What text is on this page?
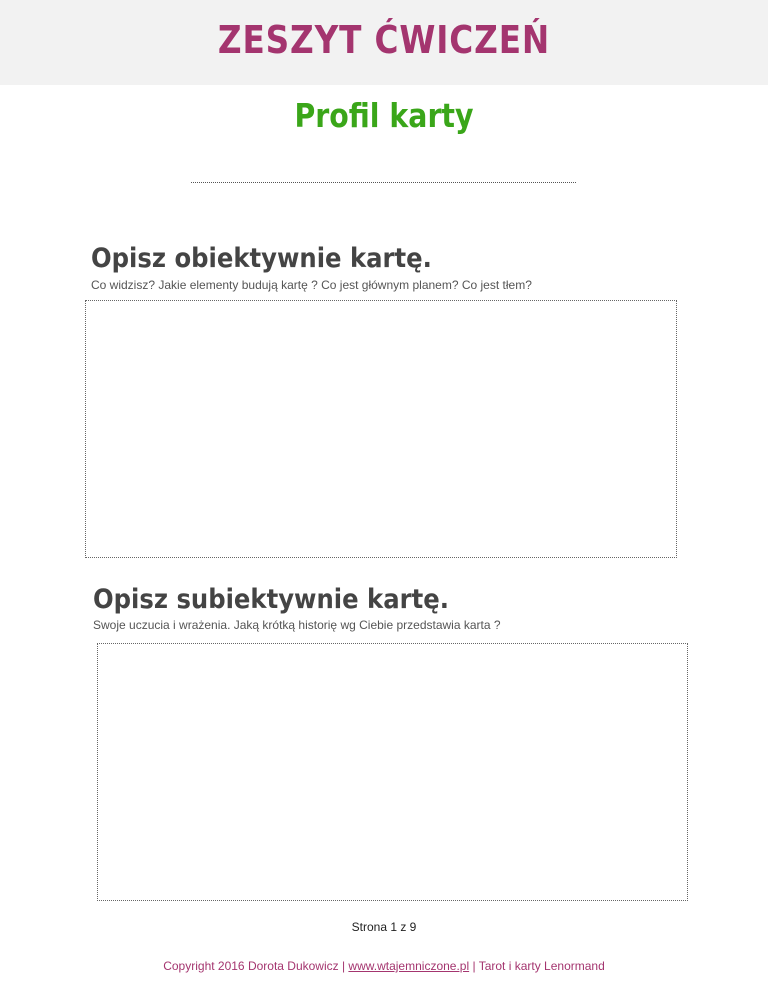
ZESZYT ĆWICZEŃ
Profil karty
Opisz obiektywnie kartę.
Co widzisz? Jakie elementy budują kartę ? Co jest głównym planem? Co jest tłem?
Opisz subiektywnie kartę.
Swoje uczucia i wrażenia. Jaką krótką historię wg Ciebie przedstawia karta ?
Strona 1 z 9
Copyright 2016 Dorota Dukowicz | www.wtajemniczone.pl | Tarot i karty Lenormand
